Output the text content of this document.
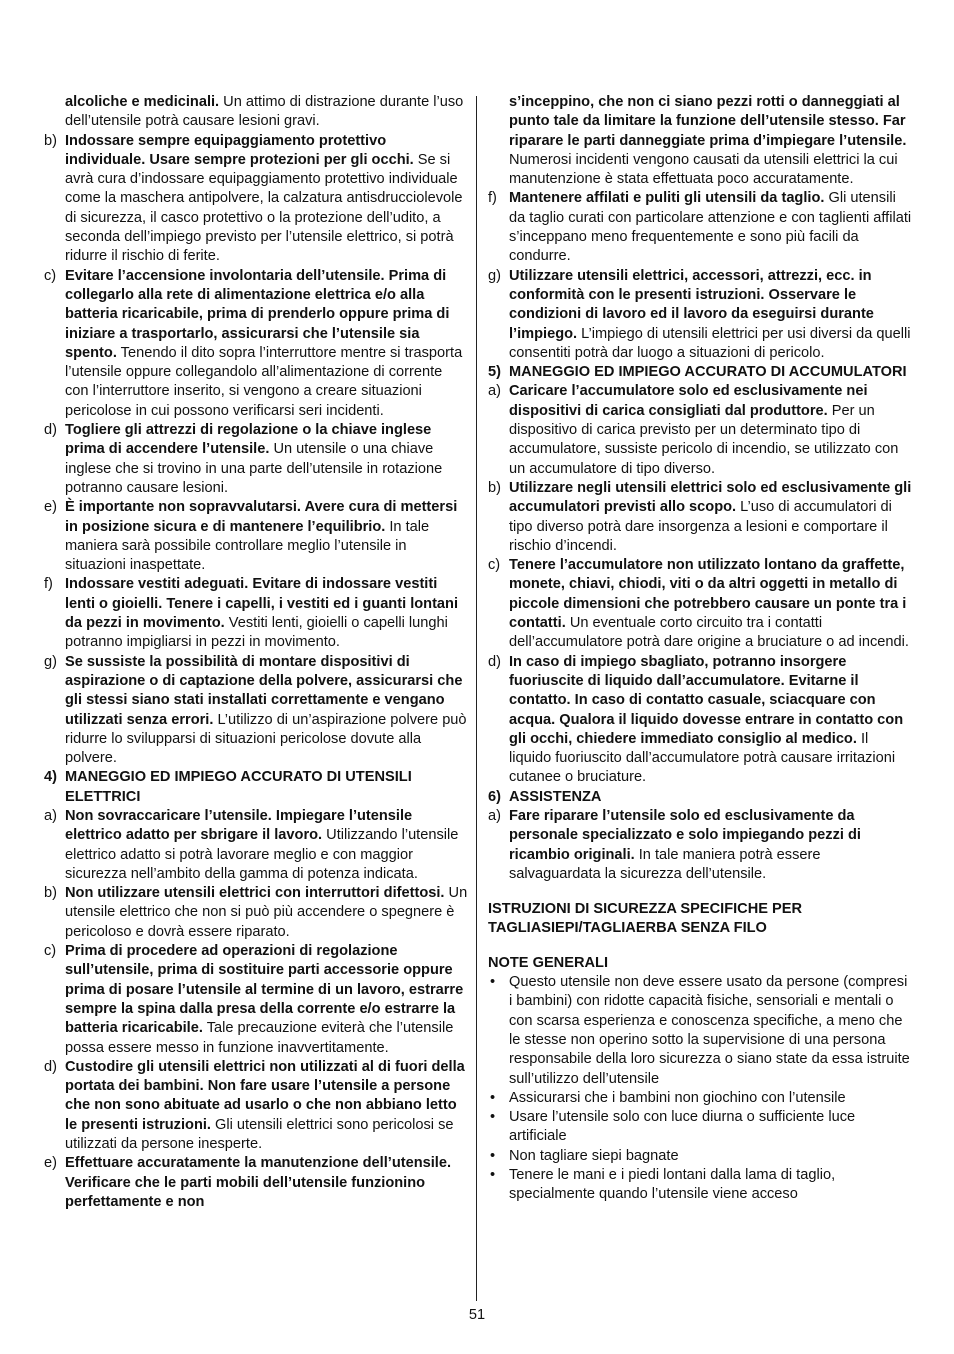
alcoliche e medicinali. Un attimo di distrazione durante l’uso dell’utensile potrà causare lesioni gravi.

b) Indossare sempre equipaggiamento protettivo individuale. Usare sempre protezioni per gli occhi. Se si avrà cura d’indossare equipaggiamento protettivo individuale come la maschera antipolvere, la calzatura antisdrucciolevole di sicurezza, il casco protettivo o la protezione dell’udito, a seconda dell’impiego previsto per l’utensile elettrico, si potrà ridurre il rischio di ferite.

c) Evitare l’accensione involontaria dell’utensile. Prima di collegarlo alla rete di alimentazione elettrica e/o alla batteria ricaricabile, prima di prenderlo oppure prima di iniziare a trasportarlo, assicurarsi che l’utensile sia spento. Tenendo il dito sopra l’interruttore mentre si trasporta l’utensile oppure collegandolo all’alimentazione di corrente con l’interruttore inserito, si vengono a creare situazioni pericolose in cui possono verificarsi seri incidenti.

d) Togliere gli attrezzi di regolazione o la chiave inglese prima di accendere l’utensile. Un utensile o una chiave inglese che si trovino in una parte dell’utensile in rotazione potranno causare lesioni.

e) È importante non sopravvalutarsi. Avere cura di mettersi in posizione sicura e di mantenere l’equilibrio. In tale maniera sarà possibile controllare meglio l’utensile in situazioni inaspettate.

f) Indossare vestiti adeguati. Evitare di indossare vestiti lenti o gioielli. Tenere i capelli, i vestiti ed i guanti lontani da pezzi in movimento. Vestiti lenti, gioielli o capelli lunghi potranno impigliarsi in pezzi in movimento.

g) Se sussiste la possibilità di montare dispositivi di aspirazione o di captazione della polvere, assicurarsi che gli stessi siano stati installati correttamente e vengano utilizzati senza errori. L’utilizzo di un’aspirazione polvere può ridurre lo svilupparsi di situazioni pericolose dovute alla polvere.

4) MANEGGIO ED IMPIEGO ACCURATO DI UTENSILI ELETTRICI

a) Non sovraccaricare l’utensile. Impiegare l’utensile elettrico adatto per sbrigare il lavoro. Utilizzando l’utensile elettrico adatto si potrà lavorare meglio e con maggior sicurezza nell’ambito della gamma di potenza indicata.

b) Non utilizzare utensili elettrici con interruttori difettosi. Un utensile elettrico che non si può più accendere o spegnere è pericoloso e dovrà essere riparato.

c) Prima di procedere ad operazioni di regolazione sull’utensile, prima di sostituire parti accessorie oppure prima di posare l’utensile al termine di un lavoro, estrarre sempre la spina dalla presa della corrente e/o estrarre la batteria ricaricabile. Tale precauzione eviterà che l’utensile possa essere messo in funzione inavvertitamente.

d) Custodire gli utensili elettrici non utilizzati al di fuori della portata dei bambini. Non fare usare l’utensile a persone che non sono abituate ad usarlo o che non abbiano letto le presenti istruzioni. Gli utensili elettrici sono pericolosi se utilizzati da persone inesperte.

e) Effettuare accuratamente la manutenzione dell’utensile. Verificare che le parti mobili dell’utensile funzionino perfettamente e non

s’inceppino, che non ci siano pezzi rotti o danneggiati al punto tale da limitare la funzione dell’utensile stesso. Far riparare le parti danneggiate prima d’impiegare l’utensile. Numerosi incidenti vengono causati da utensili elettrici la cui manutenzione è stata effettuata poco accuratamente.

f) Mantenere affilati e puliti gli utensili da taglio. Gli utensili da taglio curati con particolare attenzione e con taglienti affilati s’inceppano meno frequentemente e sono più facili da condurre.

g) Utilizzare utensili elettrici, accessori, attrezzi, ecc. in conformità con le presenti istruzioni. Osservare le condizioni di lavoro ed il lavoro da eseguirsi durante l’impiego. L’impiego di utensili elettrici per usi diversi da quelli consentiti potrà dar luogo a situazioni di pericolo.

5) MANEGGIO ED IMPIEGO ACCURATO DI ACCUMULATORI

a) Caricare l’accumulatore solo ed esclusivamente nei dispositivi di carica consigliati dal produttore. Per un dispositivo di carica previsto per un determinato tipo di accumulatore, sussiste pericolo di incendio, se utilizzato con un accumulatore di tipo diverso.

b) Utilizzare negli utensili elettrici solo ed esclusivamente gli accumulatori previsti allo scopo. L’uso di accumulatori di tipo diverso potrà dare insorgenza a lesioni e comportare il rischio d’incendi.

c) Tenere l’accumulatore non utilizzato lontano da graffette, monete, chiavi, chiodi, viti o da altri oggetti in metallo di piccole dimensioni che potrebbero causare un ponte tra i contatti. Un eventuale corto circuito tra i contatti dell’accumulatore potrà dare origine a bruciature o ad incendi.

d) In caso di impiego sbagliato, potranno insorgere fuoriuscite di liquido dall’accumulatore. Evitarne il contatto. In caso di contatto casuale, sciacquare con acqua. Qualora il liquido dovesse entrare in contatto con gli occhi, chiedere immediato consiglio al medico. Il liquido fuoriuscito dall’accumulatore potrà causare irritazioni cutanee o bruciature.

6) ASSISTENZA

a) Fare riparare l’utensile solo ed esclusivamente da personale specializzato e solo impiegando pezzi di ricambio originali. In tale maniera potrà essere salvaguardata la sicurezza dell’utensile.

ISTRUZIONI DI SICUREZZA SPECIFICHE PER TAGLIASIEPI/TAGLIAERBA SENZA FILO

NOTE GENERALI

• Questo utensile non deve essere usato da persone (compresi i bambini) con ridotte capacità fisiche, sensoriali e mentali o con scarsa esperienza e conoscenza specifiche, a meno che le stesse non operino sotto la supervisione di una persona responsabile della loro sicurezza o siano state da essa istruite sull’utilizzo dell’utensile
• Assicurarsi che i bambini non giochino con l’utensile
• Usare l’utensile solo con luce diurna o sufficiente luce artificiale
• Non tagliare siepi bagnate
• Tenere le mani e i piedi lontani dalla lama di taglio, specialmente quando l’utensile viene acceso
51
